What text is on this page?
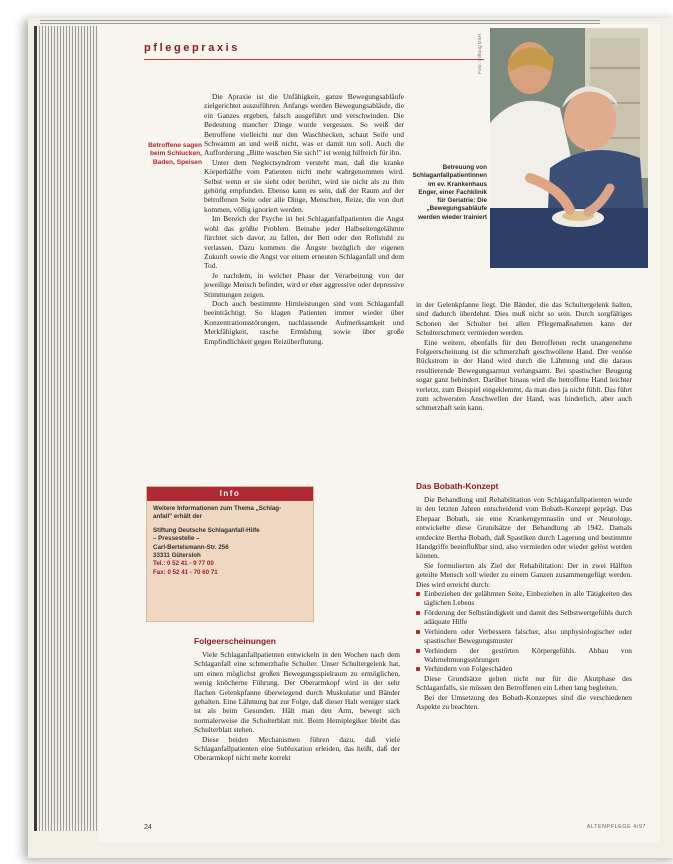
pflegepraxis
Betroffene sagen beim Schlucken, Baden, Speisen

Die Apraxie ist die Unfähigkeit, ganze Bewegungsabläufe zielgerichtet auszuführen. Anfangs werden Bewegungsabläufe, die ein Ganzes ergeben, falsch ausgeführt und verschwinden. Die Bedeutung mancher Dinge wurde vergessen. So weiß der Betroffene vielleicht nur den Waschbecken, schaut Seife und Schwamm an und weiß nicht, was er damit tun soll. Auch die Aufforderung „Bitte waschen Sie sich!" ist wenig hilfreich für ihn.

Unter dem Neglectsyndrom versteht man, daß die kranke Körperhälfte vom Patienten nicht mehr wahrgenommen wird. Selbst wenn er sie sieht oder berührt, wird sie nicht als zu ihm gehörig empfunden. Ebenso kann es sein, daß der Raum auf der betroffenen Seite oder alle Dinge, Menschen, Reize, die von dort kommen, völlig ignoriert werden.

Im Bereich der Psyche ist bei Schlaganfallpatienten die Angst wohl das größte Problem. Beinahe jeder Halbseitengelähmte fürchtet sich davor, zu fallen, der Bett oder den Rollstuhl zu verlassen. Dazu kommen die Ängste bezüglich der eigenen Zukunft sowie die Angst vor einem erneuten Schlaganfall und dem Tod.

Je nachdem, in welcher Phase der Verarbeitung von der jeweilige Mensch befindet, wird er eher aggressive oder depressive Stimmungen zeigen.

Doch auch bestimmte Hirnleistungen sind vom Schlaganfall beeinträchtigt. So klagen Patienten immer wieder über Konzentrationsstörungen, nachlassende Aufmerksamkeit und Merkfähigkeit, rasche Ermüdung sowie über große Empfindlichkeit gegen Reizüberflutung.

Foto: Stiftung DSH
Betreuung von Schlaganfallpatientinnen im ev. Krankenhaus Enger, einer Fachklinik für Geriatrie: Die „Bewegungsabläufe werden wieder trainiert

in der Gelenkpfanne liegt. Die Bänder, die das Schultergelenk halten, sind dadurch überdehnt. Dies muß nicht so sein. Durch sorgfältiges Schonen der Schulter bei allen Pflegemaßnahmen kann der Schulterschmerz vermieden werden.

Eine weitere, ebenfalls für den Betroffenen recht unangenehme Folgeerscheinung ist die schmerzhaft geschwollene Hand. Der venöse Rückstrom in der Hand wird durch die Lähmung und die daraus resultierende Bewegungsarmut verlangsamt. Bei spastischer Beugung sogar ganz behindert. Darüber hinaus wird die betroffene Hand leichter verletzt, zum Beispiel eingeklemmt, da man dies ja nicht fühlt. Das führt zum schwersten Anschwellen der Hand, was hinderlich, aber auch schmerzhaft sein kann.

Info
Weitere Informationen zum Thema „Schlag-
anfall" erhält der
Stiftung Deutsche Schlaganfall-Hilfe
– Pressestelle –
Carl-Bertelsmann-Str. 256
33311 Gütersloh
Tel.: 0 52 41 - 9 77 00
Fax: 0 52 41 - 70 60 71
Folgeerscheinungen

Viele Schlaganfallpatienten entwickeln in den Wochen nach dem Schlaganfall eine schmerzhafte Schulter. Unser Schultergelenk hat, um einen möglichst großen Bewegungsspielraum zu ermöglichen, wenig knöcherne Führung. Der Oberarmkopf wird in der sehr flachen Gelenkpfanne überwiegend durch Muskulatur und Bänder gehalten. Eine Lähmung hat zur Folge, daß dieser Halt weniger stark ist als beim Gesunden. Hält man den Arm, bewegt sich normalerweise die Schulterblatt mit. Beim Hemiplegiker bleibt das Schulterblatt stehen.

Diese beiden Mechanismen führen dazu, daß viele Schlaganfallpatienten eine Subluxation erleiden, das heißt, daß der Oberarmkopf nicht mehr korrekt

Das Bobath-Konzept

Die Behandlung und Rehabilitation von Schlaganfallpatienten wurde in den letzten Jahren entscheidend vom Bobath-Konzept geprägt. Das Ehepaar Bobath, sie eine Krankengymnastin und er Neurologe, entwickelte diese Grundsätze der Behandlung ab 1942. Damals entdeckte Bertha Bobath, daß Spastiken durch Lagerung und bestimmte Handgriffe beeinflußbar sind, also vermieden oder wieder gelöst werden können.

Sie formulierten als Ziel der Rehabilitation: Der in zwei Hälften geteilte Mensch soll wieder zu einem Ganzen zusammengefügt werden. Dies wird erreicht durch:

Einbeziehen der gelähmten Seite, Einbeziehen in alle Tätigkeiten des täglichen Lebens
Förderung der Selbständigkeit und damit des Selbstwertgefühls durch adäquate Hilfe
Verhindern oder Verbessern falscher, also unphysiologischer oder spastischer Bewegungsmuster
Verhindern der gestörten Körpergefühls. Abbau von Wahrnehmungsstörungen
Verhindern von Folgeschäden

Diese Grundsätze gelten nicht nur für die Akutphase des Schlaganfalls, sie müssen den Betroffenen ein Leben lang begleiten.

Bei der Umsetzung des Bobath-Konzeptes sind die verschiedenen Aspekte zu beachten.

24	ALTENPFLEGE 4/97
